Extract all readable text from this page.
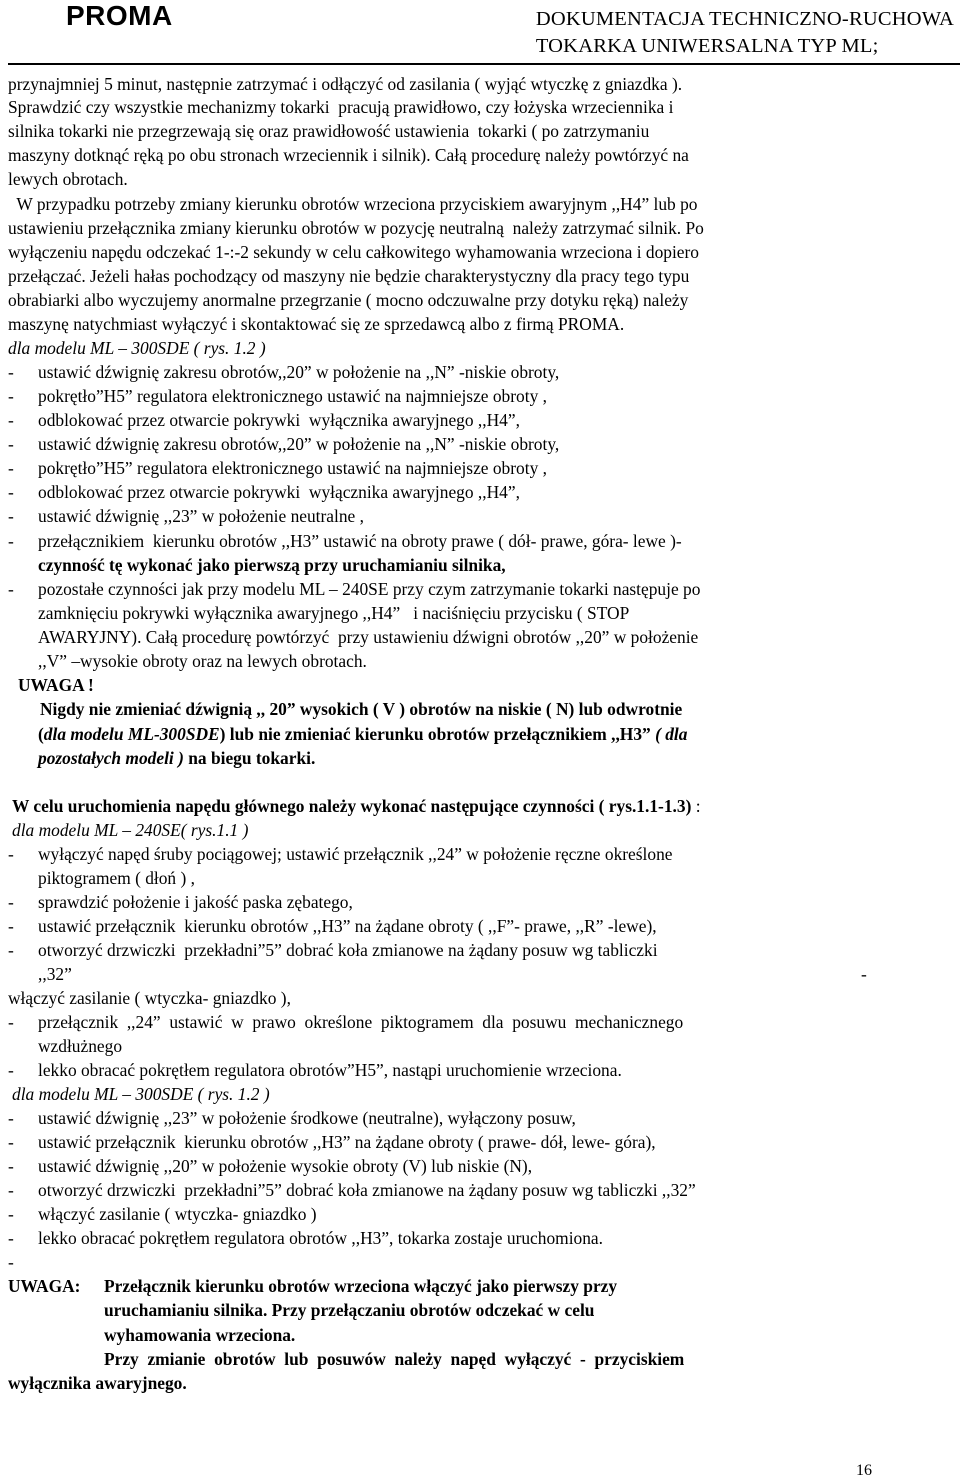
PROMA	DOKUMENTACJA TECHNICZNO-RUCHOWA
TOKARKA UNIWERSALNA TYP ML;
przynajmniej 5 minut, następnie zatrzymać i odłączyć od zasilania ( wyjąć wtyczkę z gniazdka ).
Sprawdzić czy wszystkie mechanizmy tokarki  pracują prawidłowo, czy łożyska wrzeciennika i
silnika tokarki nie przegrzewają się oraz prawidłowość ustawienia  tokarki ( po zatrzymaniu
maszyny dotknąć ręką po obu stronach wrzeciennik i silnik). Całą procedurę należy powtórzyć na
lewych obrotach.
W przypadku potrzeby zmiany kierunku obrotów wrzeciona przyciskiem awaryjnym ,,H4” lub po
ustawieniu przełącznika zmiany kierunku obrotów w pozycję neutralną  należy zatrzymać silnik. Po
wyłączeniu napędu odczekać 1-:-2 sekundy w celu całkowitego wyhamowania wrzeciona i dopiero
przełączać. Jeżeli hałas pochodzący od maszyny nie będzie charakterystyczny dla pracy tego typu
obrabiarki albo wyczujemy anormalne przegrzanie ( mocno odczuwalne przy dotyku ręką) należy
maszynę natychmiast wyłączyć i skontaktować się ze sprzedawcą albo z firmą PROMA.
dla modelu ML – 300SDE ( rys. 1.2 )
- ustawić dźwignię zakresu obrotów,,20” w położenie na ,,N” -niskie obroty,
- pokrętło”H5” regulatora elektronicznego ustawić na najmniejsze obroty ,
- odblokować przez otwarcie pokrywki  wyłącznika awaryjnego ,,H4”,
- ustawić dźwignię zakresu obrotów,,20” w położenie na ,,N” -niskie obroty,
- pokrętło”H5” regulatora elektronicznego ustawić na najmniejsze obroty ,
- odblokować przez otwarcie pokrywki  wyłącznika awaryjnego ,,H4”,
- ustawić dźwignię ,,23” w położenie neutralne ,
- przełącznikiem  kierunku obrotów ,,H3” ustawić na obroty prawe ( dół- prawe, góra- lewe )-
czynność tę wykonać jako pierwszą przy uruchamianiu silnika,
- pozostałe czynności jak przy modelu ML – 240SE przy czym zatrzymanie tokarki następuje po
zamknięciu pokrywki wyłącznika awaryjnego ,,H4”   i naciśnięciu przycisku ( STOP
AWARYJNY). Całą procedurę powtórzyć  przy ustawieniu dźwigni obrotów ,,20” w położenie
,,V” –wysokie obroty oraz na lewych obrotach.
UWAGA !
Nigdy nie zmieniać dźwignią ,, 20” wysokich ( V ) obrotów na niskie ( N) lub odwrotnie
(dla modelu ML-300SDE) lub nie zmieniać kierunku obrotów przełącznikiem ,,H3” ( dla
pozostałych modeli ) na biegu tokarki.
W celu uruchomienia napędu głównego należy wykonać następujące czynności ( rys.1.1-1.3) :
dla modelu ML – 240SE( rys.1.1 )
- wyłączyć napęd śruby pociągowej; ustawić przełącznik ,,24” w położenie ręczne określone
piktogramem ( dłoń ) ,
- sprawdzić położenie i jakość paska zębatego,
- ustawić przełącznik  kierunku obrotów ,,H3” na żądane obroty ( ,,F”- prawe, ,,R” -lewe),
- otworzyć drzwiczki  przekładni”5” dobrać koła zmianowe na żądany posuw wg tabliczki
,,32”	-
włączyć zasilanie ( wtyczka- gniazdko ),
- przełącznik  ,,24”  ustawić  w  prawo  określone  piktogramem  dla  posuwu  mechanicznego
wzdłużnego
- lekko obracać pokrętłem regulatora obrotów”H5”, nastąpi uruchomienie wrzeciona.
dla modelu ML – 300SDE ( rys. 1.2 )
- ustawić dźwignię ,,23” w położenie środkowe (neutralne), wyłączony posuw,
- ustawić przełącznik  kierunku obrotów ,,H3” na żądane obroty ( prawe- dół, lewe- góra),
- ustawić dźwignię ,,20” w położenie wysokie obroty (V) lub niskie (N),
- otworzyć drzwiczki  przekładni”5” dobrać koła zmianowe na żądany posuw wg tabliczki ,,32”
- włączyć zasilanie ( wtyczka- gniazdko )
- lekko obracać pokrętłem regulatora obrotów ,,H3”, tokarka zostaje uruchomiona.
-
UWAGA: Przełącznik kierunku obrotów wrzeciona włączyć jako pierwszy przy
uruchamianiu silnika. Przy przełączaniu obrotów odczekać w celu
wyhamowania wrzeciona.
Przy  zmianie  obrotów  lub  posuwów  należy  napęd  wyłączyć  -  przyciskiem
wyłącznika awaryjnego.
16
